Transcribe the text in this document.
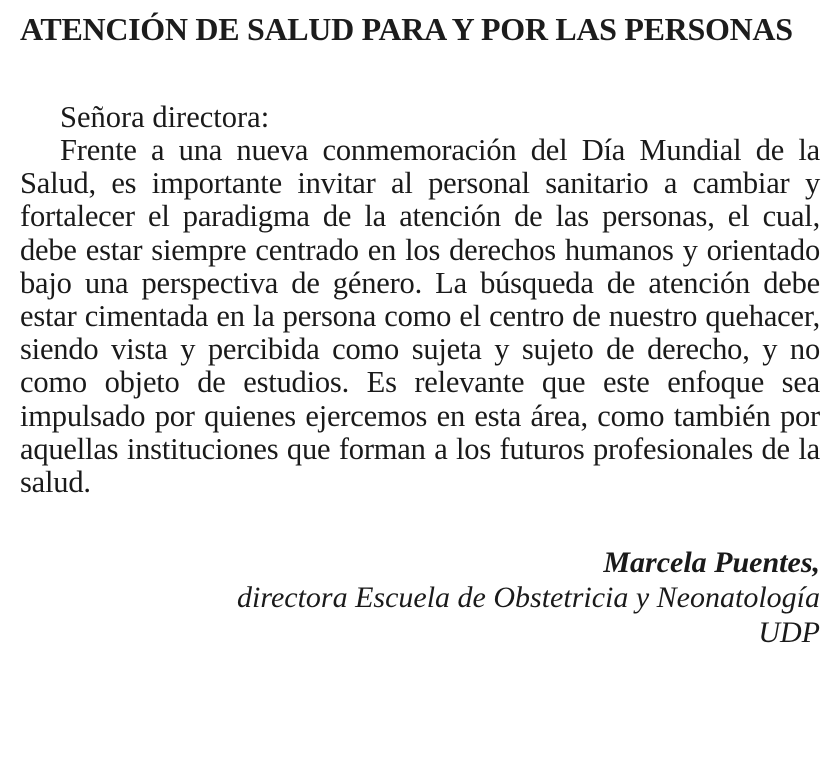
ATENCIÓN DE SALUD PARA Y POR LAS PERSONAS

Señora directora:

Frente a una nueva conmemoración del Día Mundial de la Salud, es importante invitar al personal sanitario a cambiar y fortalecer el paradigma de la atención de las personas, el cual, debe estar siempre centrado en los derechos humanos y orientado bajo una perspectiva de género. La búsqueda de atención debe estar cimentada en la persona como el centro de nuestro quehacer, siendo vista y percibida como sujeta y sujeto de derecho, y no como objeto de estudios. Es relevante que este enfoque sea impulsado por quienes ejercemos en esta área, como también por aquellas instituciones que forman a los futuros profesionales de la salud.

Marcela Puentes,
directora Escuela de Obstetricia y Neonatología
UDP
